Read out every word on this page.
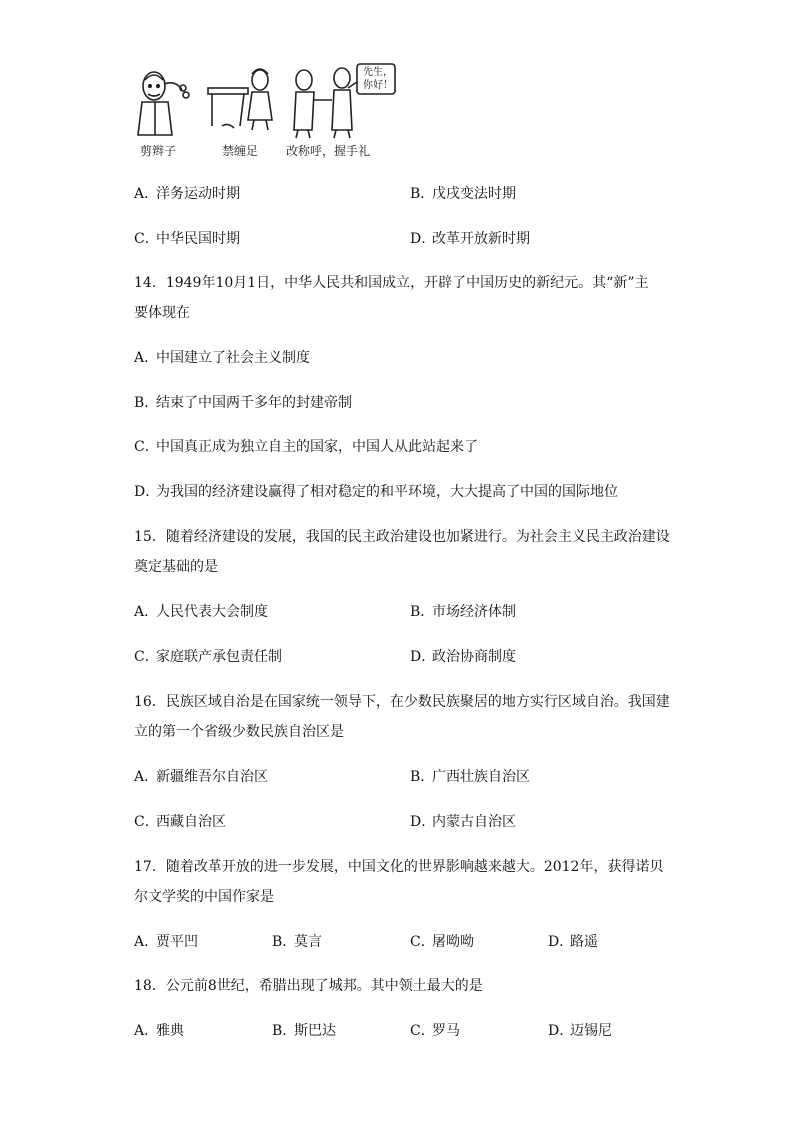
先生，
你好！
剪辫子	禁缠足 改称呼，握手礼
A．洋务运动时期	B．戊戌变法时期
C．中华民国时期	D．改革开放新时期
14．1949年10月1日，中华人民共和国成立，开辟了中国历史的新纪元。其“新”主
要体现在
A．中国建立了社会主义制度
B．结束了中国两千多年的封建帝制
C．中国真正成为独立自主的国家，中国人从此站起来了
D．为我国的经济建设赢得了相对稳定的和平环境，大大提高了中国的国际地位
15．随着经济建设的发展，我国的民主政治建设也加紧进行。为社会主义民主政治建设
奠定基础的是
A．人民代表大会制度	B．市场经济体制
C．家庭联产承包责任制	D．政治协商制度
16．民族区域自治是在国家统一领导下，在少数民族聚居的地方实行区域自治。我国建
立的第一个省级少数民族自治区是
A．新疆维吾尔自治区	B．广西壮族自治区
C．西藏自治区	D．内蒙古自治区
17．随着改革开放的进一步发展，中国文化的世界影响越来越大。2012年，获得诺贝
尔文学奖的中国作家是
A．贾平凹	B．莫言	C．屠呦呦	D．路遥
18．公元前8世纪，希腊出现了城邦。其中领土最大的是
A．雅典	B．斯巴达	C．罗马	D．迈锡尼
